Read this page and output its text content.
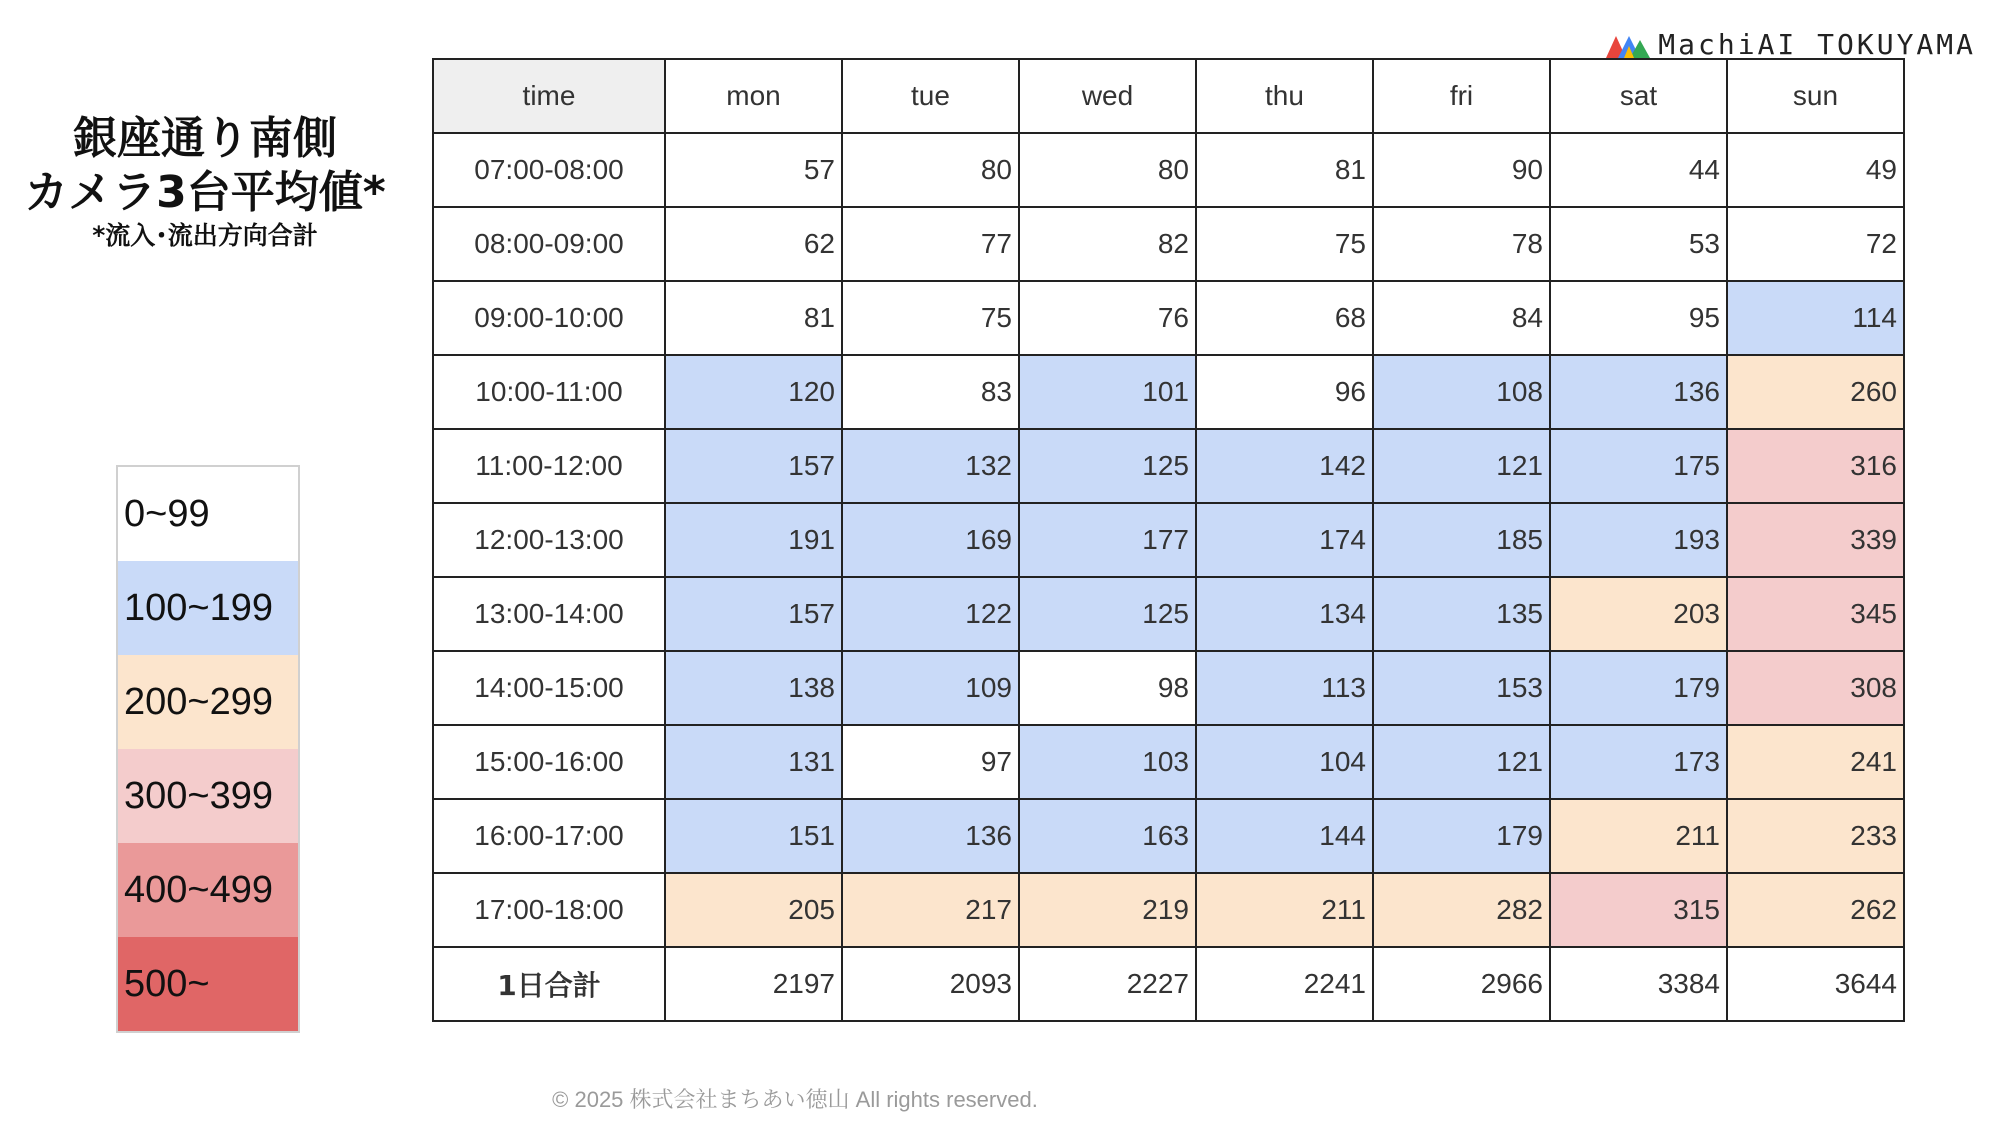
MachiAI TOKUYAMA
銀座通り南側
カメラ3台平均値*
*流入･流出方向合計
0~99
100~199
200~299
300~399
400~499
500~
time	mon	tue	wed	thu	fri	sat	sun
07:00-08:00	57	80	80	81	90	44	49
08:00-09:00	62	77	82	75	78	53	72
09:00-10:00	81	75	76	68	84	95	114
10:00-11:00	120	83	101	96	108	136	260
11:00-12:00	157	132	125	142	121	175	316
12:00-13:00	191	169	177	174	185	193	339
13:00-14:00	157	122	125	134	135	203	345
14:00-15:00	138	109	98	113	153	179	308
15:00-16:00	131	97	103	104	121	173	241
16:00-17:00	151	136	163	144	179	211	233
17:00-18:00	205	217	219	211	282	315	262
1日合計	2197	2093	2227	2241	2966	3384	3644
© 2025 株式会社まちあい徳山 All rights reserved.
